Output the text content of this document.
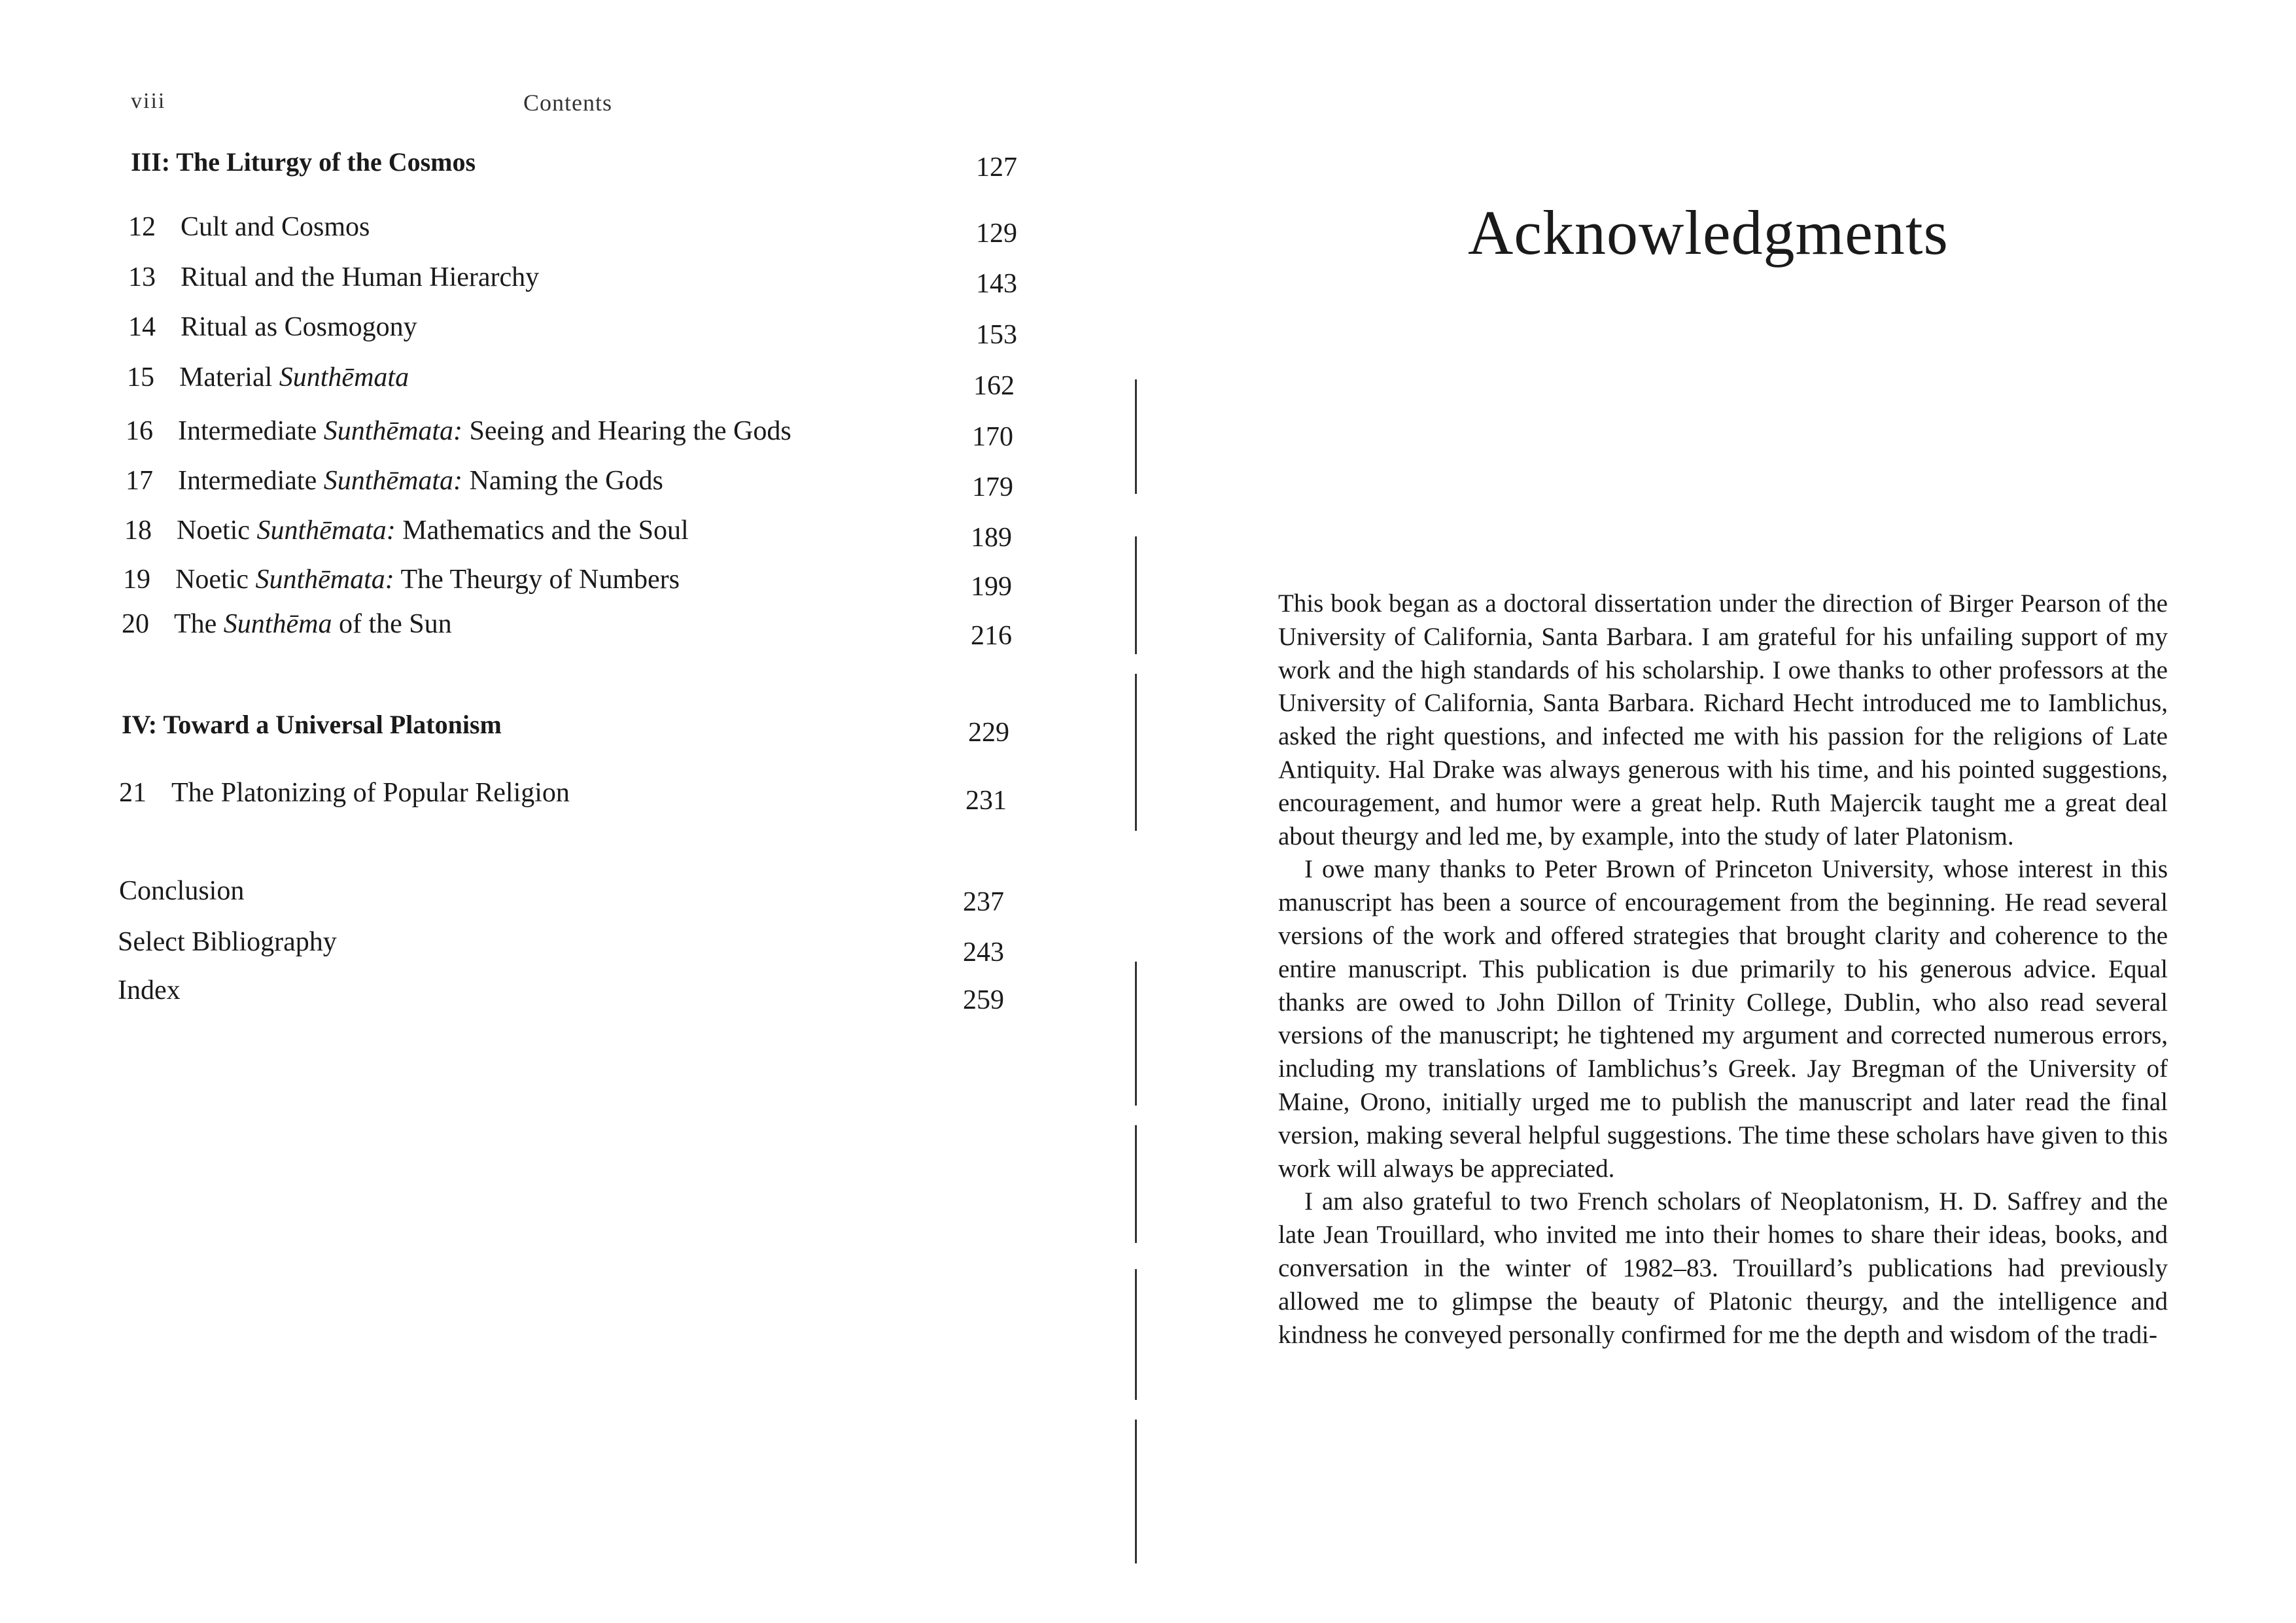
viii	Contents
III: The Liturgy of the Cosmos	127
12 Cult and Cosmos	129
13 Ritual and the Human Hierarchy	143
14 Ritual as Cosmogony	153
15 Material Sunthēmata	162
16 Intermediate Sunthēmata: Seeing and Hearing the Gods	170
17 Intermediate Sunthēmata: Naming the Gods	179
18 Noetic Sunthēmata: Mathematics and the Soul	189
19 Noetic Sunthēmata: The Theurgy of Numbers	199
20 The Sunthēma of the Sun	216
IV: Toward a Universal Platonism	229
21 The Platonizing of Popular Religion	231
Conclusion	237
Select Bibliography	243
Index	259
Acknowledgments

This book began as a doctoral dissertation under the direction of Birger Pearson of the University of California, Santa Barbara. I am grateful for his unfailing support of my work and the high standards of his scholarship. I owe thanks to other professors at the University of California, Santa Barbara. Richard Hecht introduced me to Iamblichus, asked the right questions, and infected me with his passion for the religions of Late Antiquity. Hal Drake was always generous with his time, and his pointed suggestions, encouragement, and humor were a great help. Ruth Majercik taught me a great deal about theurgy and led me, by example, into the study of later Platonism.

I owe many thanks to Peter Brown of Princeton University, whose interest in this manuscript has been a source of encouragement from the beginning. He read several versions of the work and offered strategies that brought clarity and coherence to the entire manuscript. This publication is due primarily to his generous advice. Equal thanks are owed to John Dillon of Trinity College, Dublin, who also read several versions of the manuscript; he tightened my argument and corrected numerous errors, including my translations of Iamblichus’s Greek. Jay Bregman of the University of Maine, Orono, initially urged me to publish the manuscript and later read the final version, making several helpful suggestions. The time these scholars have given to this work will always be appreciated.

I am also grateful to two French scholars of Neoplatonism, H. D. Saffrey and the late Jean Trouillard, who invited me into their homes to share their ideas, books, and conversation in the winter of 1982–83. Trouillard’s publications had previously allowed me to glimpse the beauty of Platonic theurgy, and the intelligence and kindness he conveyed personally confirmed for me the depth and wisdom of the tradi-
